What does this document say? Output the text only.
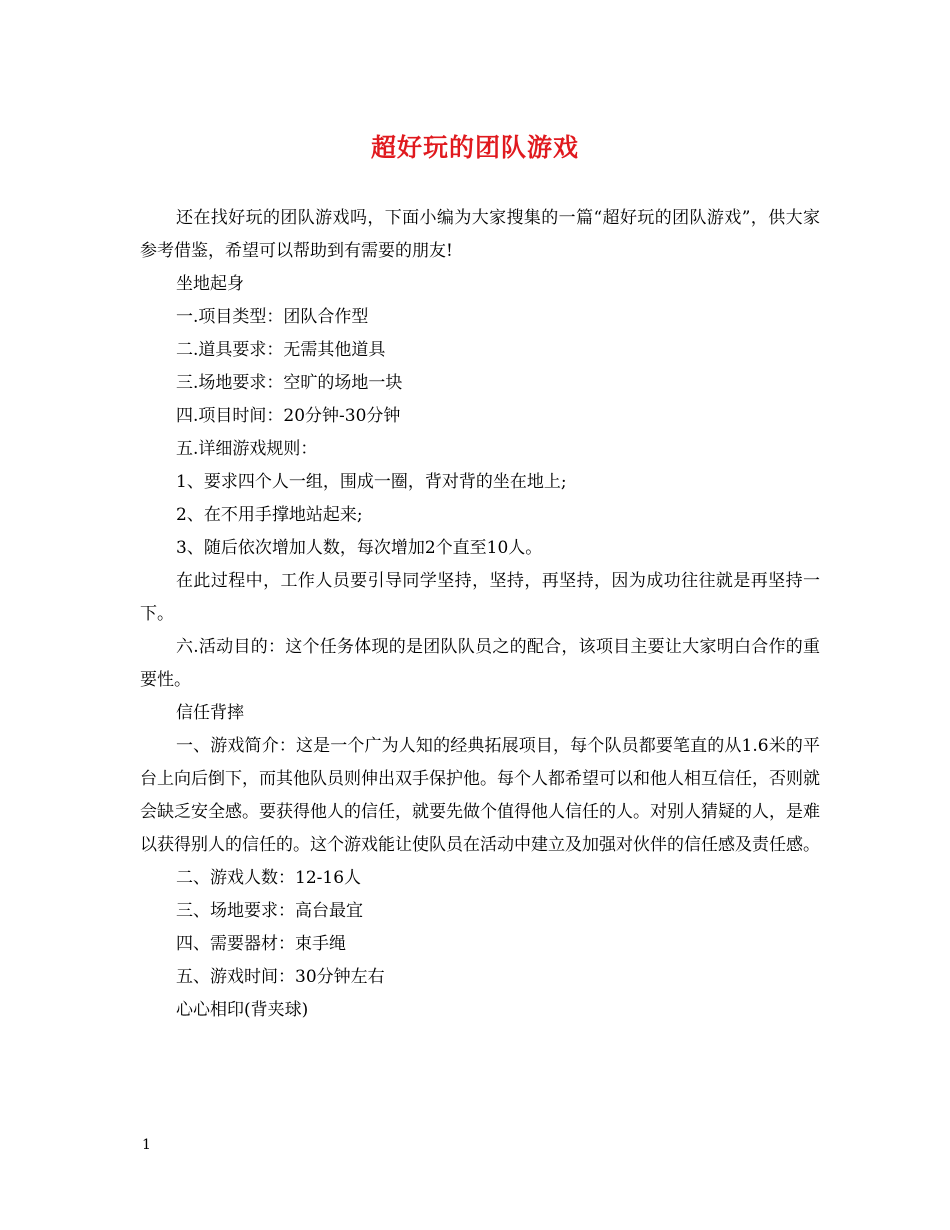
超好玩的团队游戏

还在找好玩的团队游戏吗，下面小编为大家搜集的一篇“超好玩的团队游戏”，供大家参考借鉴，希望可以帮助到有需要的朋友!

坐地起身

一.项目类型：团队合作型

二.道具要求：无需其他道具

三.场地要求：空旷的场地一块

四.项目时间：20分钟-30分钟

五.详细游戏规则：

1、要求四个人一组，围成一圈，背对背的坐在地上;

2、在不用手撑地站起来;

3、随后依次增加人数，每次增加2个直至10人。

在此过程中，工作人员要引导同学坚持，坚持，再坚持，因为成功往往就是再坚持一下。

六.活动目的：这个任务体现的是团队队员之的配合，该项目主要让大家明白合作的重要性。

信任背摔

一、游戏简介：这是一个广为人知的经典拓展项目，每个队员都要笔直的从1.6米的平台上向后倒下，而其他队员则伸出双手保护他。每个人都希望可以和他人相互信任，否则就会缺乏安全感。要获得他人的信任，就要先做个值得他人信任的人。对别人猜疑的人，是难以获得别人的信任的。这个游戏能让使队员在活动中建立及加强对伙伴的信任感及责任感。

二、游戏人数：12-16人

三、场地要求：高台最宜

四、需要器材：束手绳

五、游戏时间：30分钟左右

心心相印(背夹球)

1
